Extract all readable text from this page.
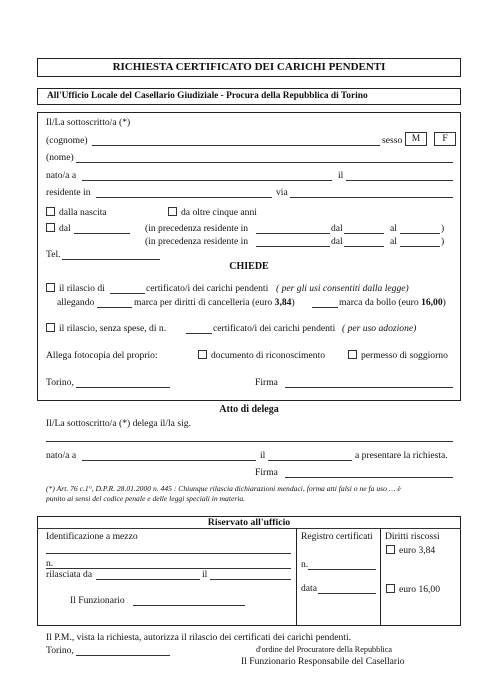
RICHIESTA CERTIFICATO DEI CARICHI PENDENTI
All'Ufficio Locale del Casellario Giudiziale - Procura della Repubblica di Torino
Il/La sottoscritto/a (*)
(cognome)	sesso	M	F
(nome)
nato/a a	il
residente in	via
dalla nascita	da oltre cinque anni
dal	(in precedenza residente in	dal	al	)
(in precedenza residente in	dal	al	)
Tel.
CHIEDE
il rilascio di	certificato/i dei carichi pendenti ( per gli usi consentiti dalla legge)
allegando	marca per diritti di cancelleria (euro 3,84)	marca da bollo (euro 16,00)
il rilascio, senza spese, di n.	certificato/i dei carichi pendenti ( per uso adozione)
Allega fotocopia del proprio:	documento di riconoscimento	permesso di soggiorno
Torino,	Firma
Atto di delega
Il/La sottoscritto/a (*) delega il/la sig.
nato/a a	il	a presentare la richiesta.
Firma
(*) Art. 76 c.1°, D.P.R. 28.01.2000 n. 445 : Chiunque rilascia dichiarazioni mendaci, forma atti falsi o ne fa uso … è
punito ai sensi del codice penale e delle leggi speciali in materia.
Riservato all'ufficio
Identificazione a mezzo
n.
rilasciata da	il
Il Funzionario
Registro certificati
n.
data
Diritti riscossi
euro 3,84
euro 16,00
Il P.M., vista la richiesta, autorizza il rilascio dei certificati dei carichi pendenti.
Torino,	d'ordine del Procuratore della Repubblica
Il Funzionario Responsabile del Casellario
